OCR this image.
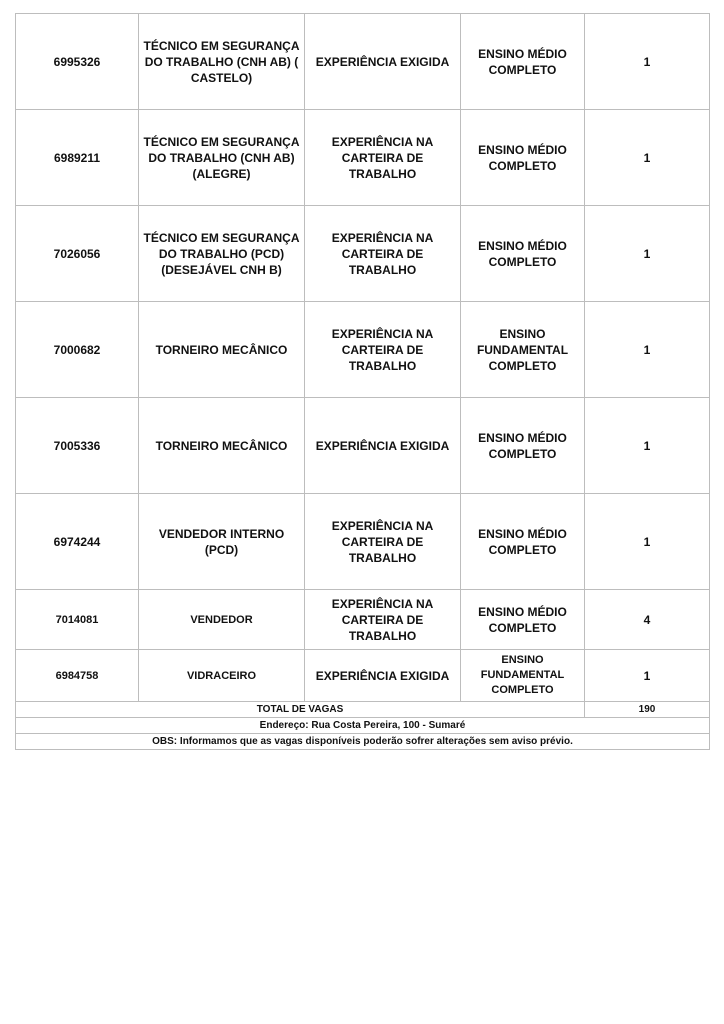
6995326	TÉCNICO EM SEGURANÇA DO TRABALHO (CNH AB) ( CASTELO)	EXPERIÊNCIA EXIGIDA	ENSINO MÉDIO COMPLETO	1
6989211	TÉCNICO EM SEGURANÇA DO TRABALHO (CNH AB) (ALEGRE)	EXPERIÊNCIA NA CARTEIRA DE TRABALHO	ENSINO MÉDIO COMPLETO	1
7026056	TÉCNICO EM SEGURANÇA DO TRABALHO (PCD) (DESEJÁVEL CNH B)	EXPERIÊNCIA NA CARTEIRA DE TRABALHO	ENSINO MÉDIO COMPLETO	1
7000682	TORNEIRO MECÂNICO	EXPERIÊNCIA NA CARTEIRA DE TRABALHO	ENSINO FUNDAMENTAL COMPLETO	1
7005336	TORNEIRO MECÂNICO	EXPERIÊNCIA EXIGIDA	ENSINO MÉDIO COMPLETO	1
6974244	VENDEDOR INTERNO (PCD)	EXPERIÊNCIA NA CARTEIRA DE TRABALHO	ENSINO MÉDIO COMPLETO	1
7014081	VENDEDOR	EXPERIÊNCIA NA CARTEIRA DE TRABALHO	ENSINO MÉDIO COMPLETO	4
6984758	VIDRACEIRO	EXPERIÊNCIA EXIGIDA	ENSINO FUNDAMENTAL COMPLETO	1
TOTAL DE VAGAS				190
Endereço: Rua Costa Pereira, 100 - Sumaré				
OBS: Informamos que as vagas disponíveis poderão sofrer alterações sem aviso prévio.				
